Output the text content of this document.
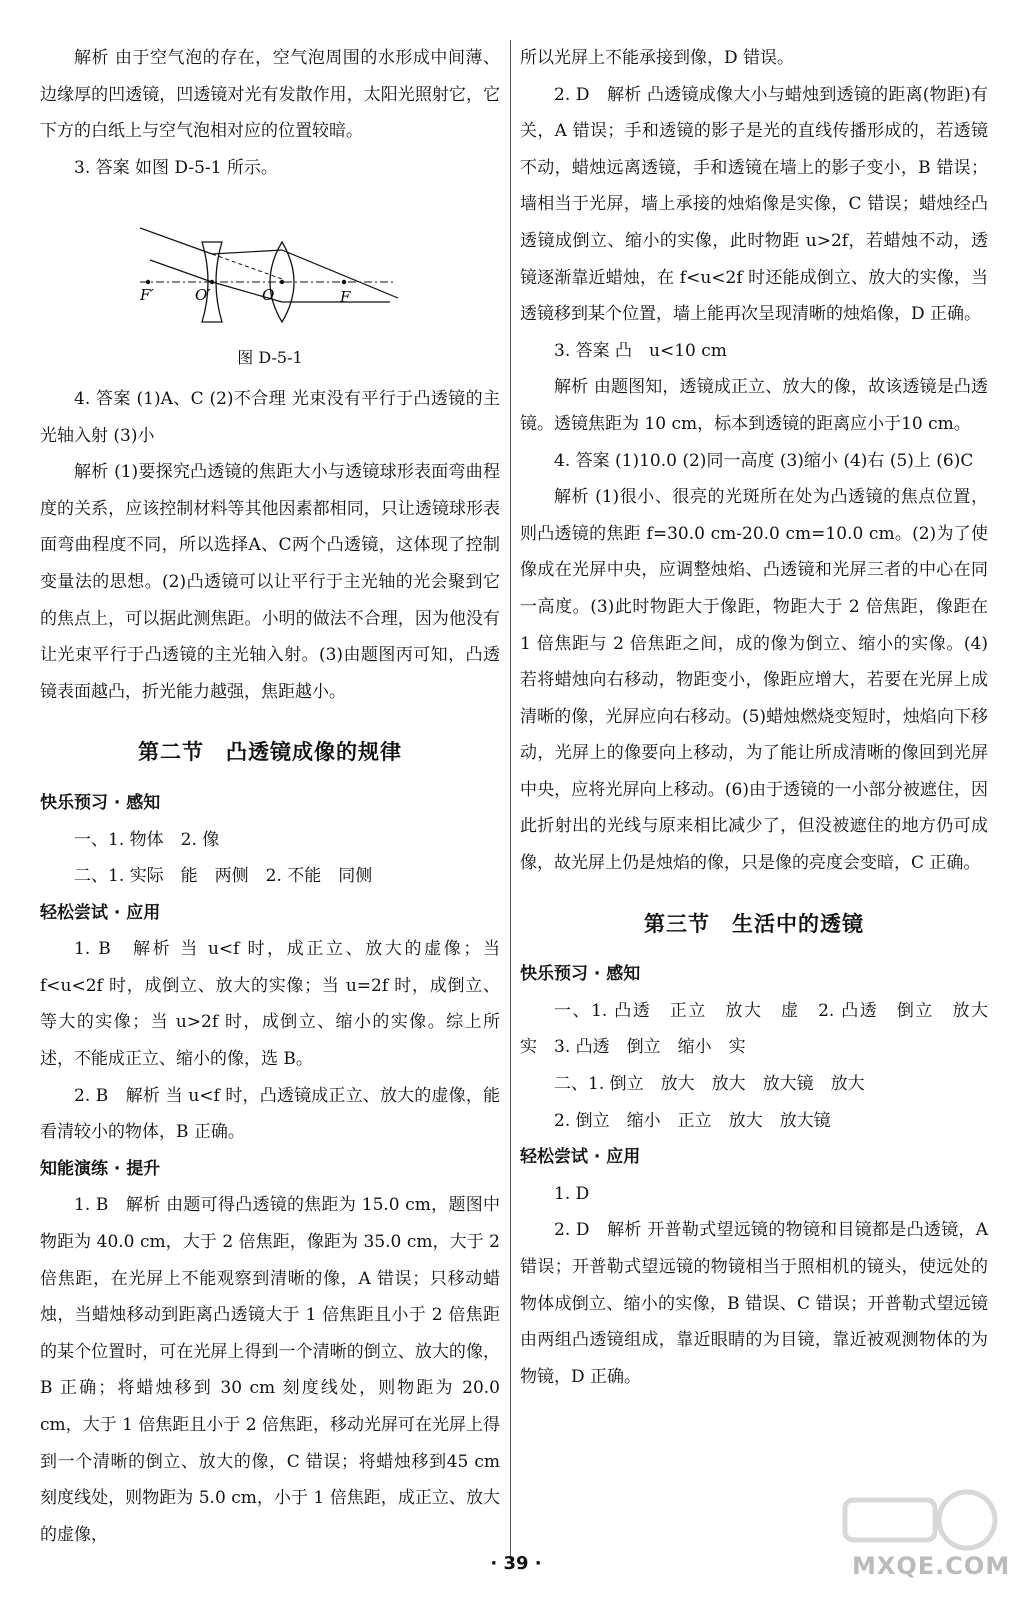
解析 由于空气泡的存在，空气泡周围的水形成中间薄、边缘厚的凹透镜，凹透镜对光有发散作用，太阳光照射它，它下方的白纸上与空气泡相对应的位置较暗。

3. 答案 如图 D-5-1 所示。

F′	O′	O	F

图 D-5-1

4. 答案 (1)A、C (2)不合理 光束没有平行于凸透镜的主光轴入射 (3)小

解析 (1)要探究凸透镜的焦距大小与透镜球形表面弯曲程度的关系，应该控制材料等其他因素都相同，只让透镜球形表面弯曲程度不同，所以选择A、C两个凸透镜，这体现了控制变量法的思想。(2)凸透镜可以让平行于主光轴的光会聚到它的焦点上，可以据此测焦距。小明的做法不合理，因为他没有让光束平行于凸透镜的主光轴入射。(3)由题图丙可知，凸透镜表面越凸，折光能力越强，焦距越小。

第二节　凸透镜成像的规律

快乐预习 · 感知

一、1. 物体　2. 像

二、1. 实际　能　两侧　2. 不能　同侧

轻松尝试 · 应用

1. B　解析 当 u<f 时，成正立、放大的虚像；当 f<u<2f 时，成倒立、放大的实像；当 u=2f 时，成倒立、等大的实像；当 u>2f 时，成倒立、缩小的实像。综上所述，不能成正立、缩小的像，选 B。

2. B　解析 当 u<f 时，凸透镜成正立、放大的虚像，能看清较小的物体，B 正确。

知能演练 · 提升

1. B　解析 由题可得凸透镜的焦距为 15.0 cm，题图中物距为 40.0 cm，大于 2 倍焦距，像距为 35.0 cm，大于 2 倍焦距，在光屏上不能观察到清晰的像，A 错误；只移动蜡烛，当蜡烛移动到距离凸透镜大于 1 倍焦距且小于 2 倍焦距的某个位置时，可在光屏上得到一个清晰的倒立、放大的像，B 正确；将蜡烛移到 30 cm 刻度线处，则物距为 20.0 cm，大于 1 倍焦距且小于 2 倍焦距，移动光屏可在光屏上得到一个清晰的倒立、放大的像，C 错误；将蜡烛移到45 cm刻度线处，则物距为 5.0 cm，小于 1 倍焦距，成正立、放大的虚像，

所以光屏上不能承接到像，D 错误。

2. D　解析 凸透镜成像大小与蜡烛到透镜的距离(物距)有关，A 错误；手和透镜的影子是光的直线传播形成的，若透镜不动，蜡烛远离透镜，手和透镜在墙上的影子变小，B 错误；墙相当于光屏，墙上承接的烛焰像是实像，C 错误；蜡烛经凸透镜成倒立、缩小的实像，此时物距 u>2f，若蜡烛不动，透镜逐渐靠近蜡烛，在 f<u<2f 时还能成倒立、放大的实像，当透镜移到某个位置，墙上能再次呈现清晰的烛焰像，D 正确。

3. 答案 凸　u<10 cm

解析 由题图知，透镜成正立、放大的像，故该透镜是凸透镜。透镜焦距为 10 cm，标本到透镜的距离应小于10 cm。

4. 答案 (1)10.0 (2)同一高度 (3)缩小 (4)右 (5)上 (6)C

解析 (1)很小、很亮的光斑所在处为凸透镜的焦点位置，则凸透镜的焦距 f=30.0 cm-20.0 cm=10.0 cm。(2)为了使像成在光屏中央，应调整烛焰、凸透镜和光屏三者的中心在同一高度。(3)此时物距大于像距，物距大于 2 倍焦距，像距在 1 倍焦距与 2 倍焦距之间，成的像为倒立、缩小的实像。(4)若将蜡烛向右移动，物距变小，像距应增大，若要在光屏上成清晰的像，光屏应向右移动。(5)蜡烛燃烧变短时，烛焰向下移动，光屏上的像要向上移动，为了能让所成清晰的像回到光屏中央，应将光屏向上移动。(6)由于透镜的一小部分被遮住，因此折射出的光线与原来相比减少了，但没被遮住的地方仍可成像，故光屏上仍是烛焰的像，只是像的亮度会变暗，C 正确。

第三节　生活中的透镜

快乐预习 · 感知

一、1. 凸透　正立　放大　虚　2. 凸透　倒立　放大　实　3. 凸透　倒立　缩小　实

二、1. 倒立　放大　放大　放大镜　放大

2. 倒立　缩小　正立　放大　放大镜

轻松尝试 · 应用

1. D

2. D　解析 开普勒式望远镜的物镜和目镜都是凸透镜，A 错误；开普勒式望远镜的物镜相当于照相机的镜头，使远处的物体成倒立、缩小的实像，B 错误、C 错误；开普勒式望远镜由两组凸透镜组成，靠近眼睛的为目镜，靠近被观测物体的为物镜，D 正确。

· 39 ·	MXQE.COM
